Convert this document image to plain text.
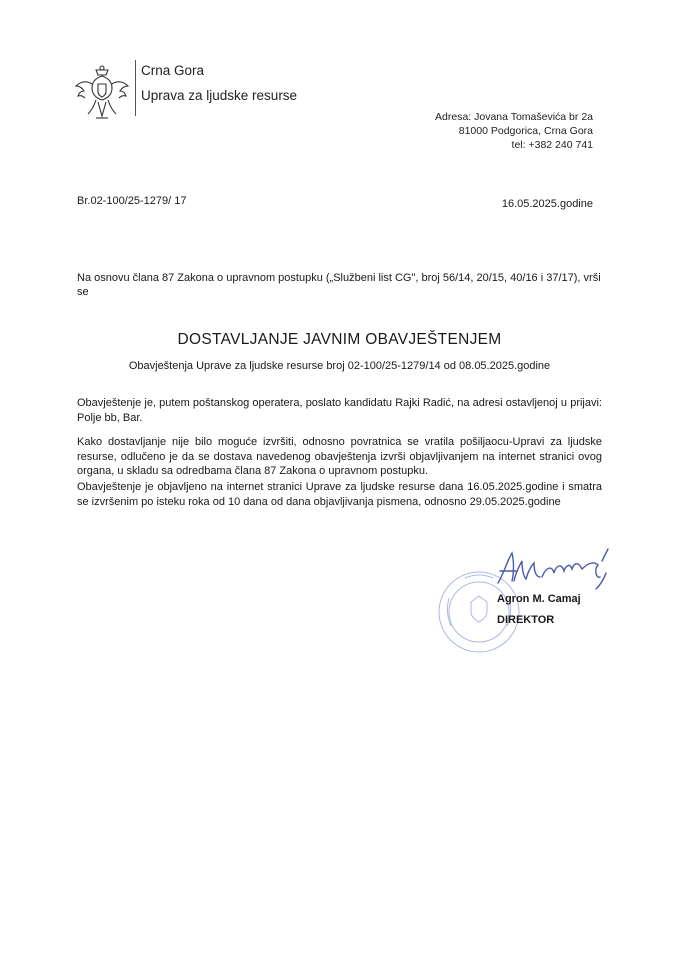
Crna Gora
Uprava za ljudske resurse
Adresa: Jovana Tomaševića br 2a
81000 Podgorica, Crna Gora
tel: +382 240 741
Br.02-100/25-1279/ 17	16.05.2025.godine
Na osnovu člana 87 Zakona o upravnom postupku („Službeni list CG", broj 56/14, 20/15, 40/16 i 37/17), vrši se
DOSTAVLJANJE JAVNIM OBAVJEŠTENJEM
Obavještenja Uprave za ljudske resurse broj 02-100/25-1279/14 od 08.05.2025.godine
Obavještenje je, putem poštanskog operatera, poslato kandidatu Rajki Radić, na adresi ostavljenoj u prijavi: Polje bb, Bar.
Kako dostavljanje nije bilo moguće izvršiti, odnosno povratnica se vratila pošiljaocu-Upravi za ljudske resurse, odlučeno je da se dostava navedenog obavještenja izvrši objavljivanjem na internet stranici ovog organa, u skladu sa odredbama člana 87 Zakona o upravnom postupku.
Obavještenje je objavljeno na internet stranici Uprave za ljudske resurse dana 16.05.2025.godine i smatra se izvršenim po isteku roka od 10 dana od dana objavljivanja pismena, odnosno 29.05.2025.godine
Agron M. Camaj
DIREKTOR
